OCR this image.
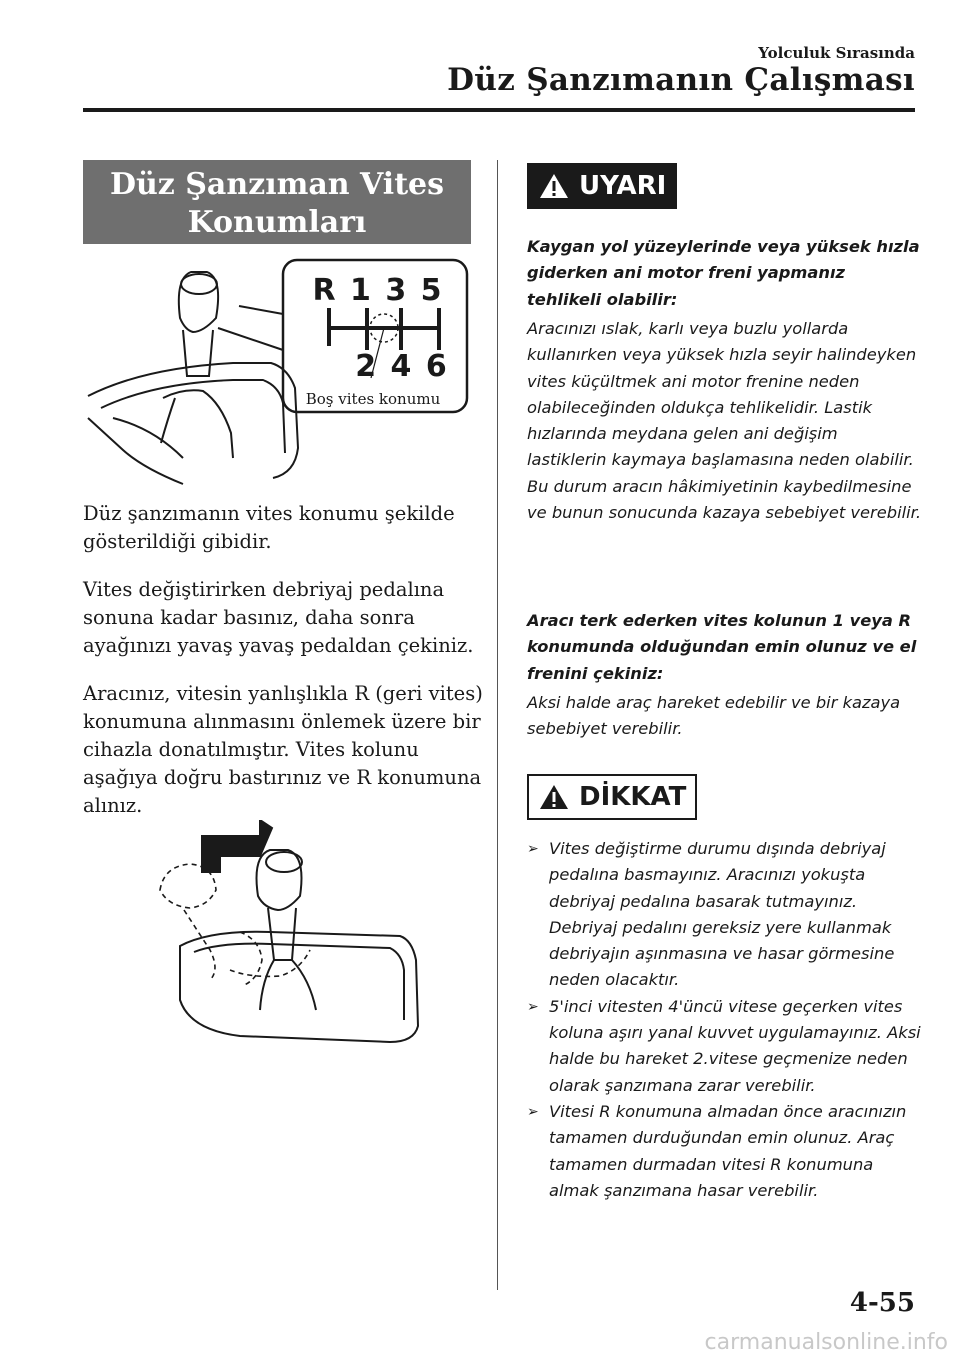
Yolculuk Sırasında
Düz Şanzımanın Çalışması
Düz Şanzıman Vites
Konumları
R 1 3 5
2 4 6
Boş vites konumu

Düz şanzımanın vites konumu şekilde gösterildiği gibidir.

Vites değiştirirken debriyaj pedalına sonuna kadar basınız, daha sonra ayağınızı yavaş yavaş pedaldan çekiniz.

Aracınız, vitesin yanlışlıkla R (geri vites) konumuna alınmasını önlemek üzere bir cihazla donatılmıştır. Vites kolunu aşağıya doğru bastırınız ve R konumuna alınız.

UYARI

Kaygan yol yüzeylerinde veya yüksek hızla giderken ani motor freni yapmanız tehlikeli olabilir:

Aracınızı ıslak, karlı veya buzlu yollarda kullanırken veya yüksek hızla seyir halindeyken vites küçültmek ani motor frenine neden olabileceğinden oldukça tehlikelidir. Lastik hızlarında meydana gelen ani değişim lastiklerin kaymaya başlamasına neden olabilir. Bu durum aracın hâkimiyetinin kaybedilmesine ve bunun sonucunda kazaya sebebiyet verebilir.

Aracı terk ederken vites kolunun 1 veya R konumunda olduğundan emin olunuz ve el frenini çekiniz:

Aksi halde araç hareket edebilir ve bir kazaya sebebiyet verebilir.

DİKKAT
➢ Vites değiştirme durumu dışında debriyaj pedalına basmayınız. Aracınızı yokuşta debriyaj pedalına basarak tutmayınız. Debriyaj pedalını gereksiz yere kullanmak debriyajın aşınmasına ve hasar görmesine neden olacaktır.
➢ 5'inci vitesten 4'üncü vitese geçerken vites koluna aşırı yanal kuvvet uygulamayınız. Aksi halde bu hareket 2.vitese geçmenize neden olarak şanzımana zarar verebilir.
➢ Vitesi R konumuna almadan önce aracınızın tamamen durduğundan emin olunuz. Araç tamamen durmadan vitesi R konumuna almak şanzımana hasar verebilir.
4-55
carmanualsonline.info
